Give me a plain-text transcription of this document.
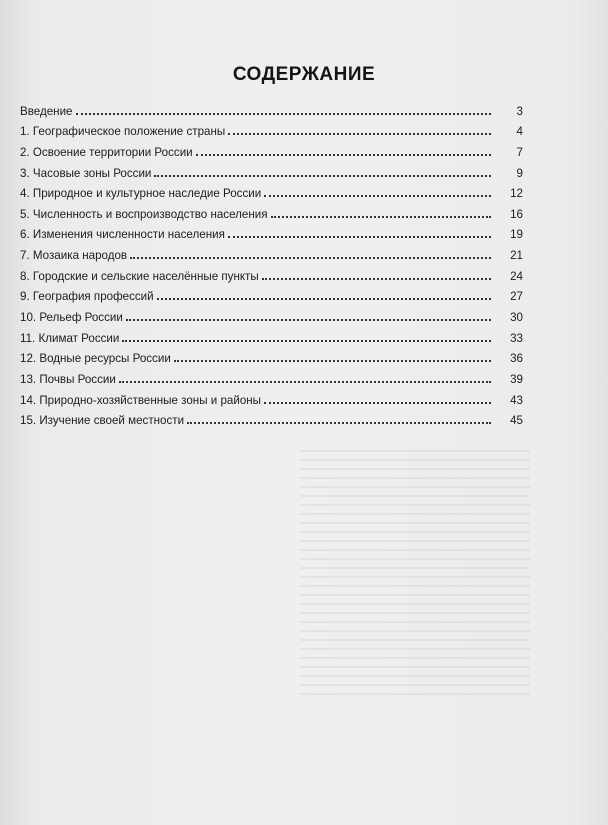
СОДЕРЖАНИЕ
Введение	3
1. Географическое положение страны	4
2. Освоение территории России	7
3. Часовые зоны России	9
4. Природное и культурное наследие России	12
5. Численность и воспроизводство населения	16
6. Изменения численности населения	19
7. Мозаика народов	21
8. Городские и сельские населённые пункты	24
9. География профессий	27
10. Рельеф России	30
11. Климат России	33
12. Водные ресурсы России	36
13. Почвы России	39
14. Природно-хозяйственные зоны и районы	43
15. Изучение своей местности	45
